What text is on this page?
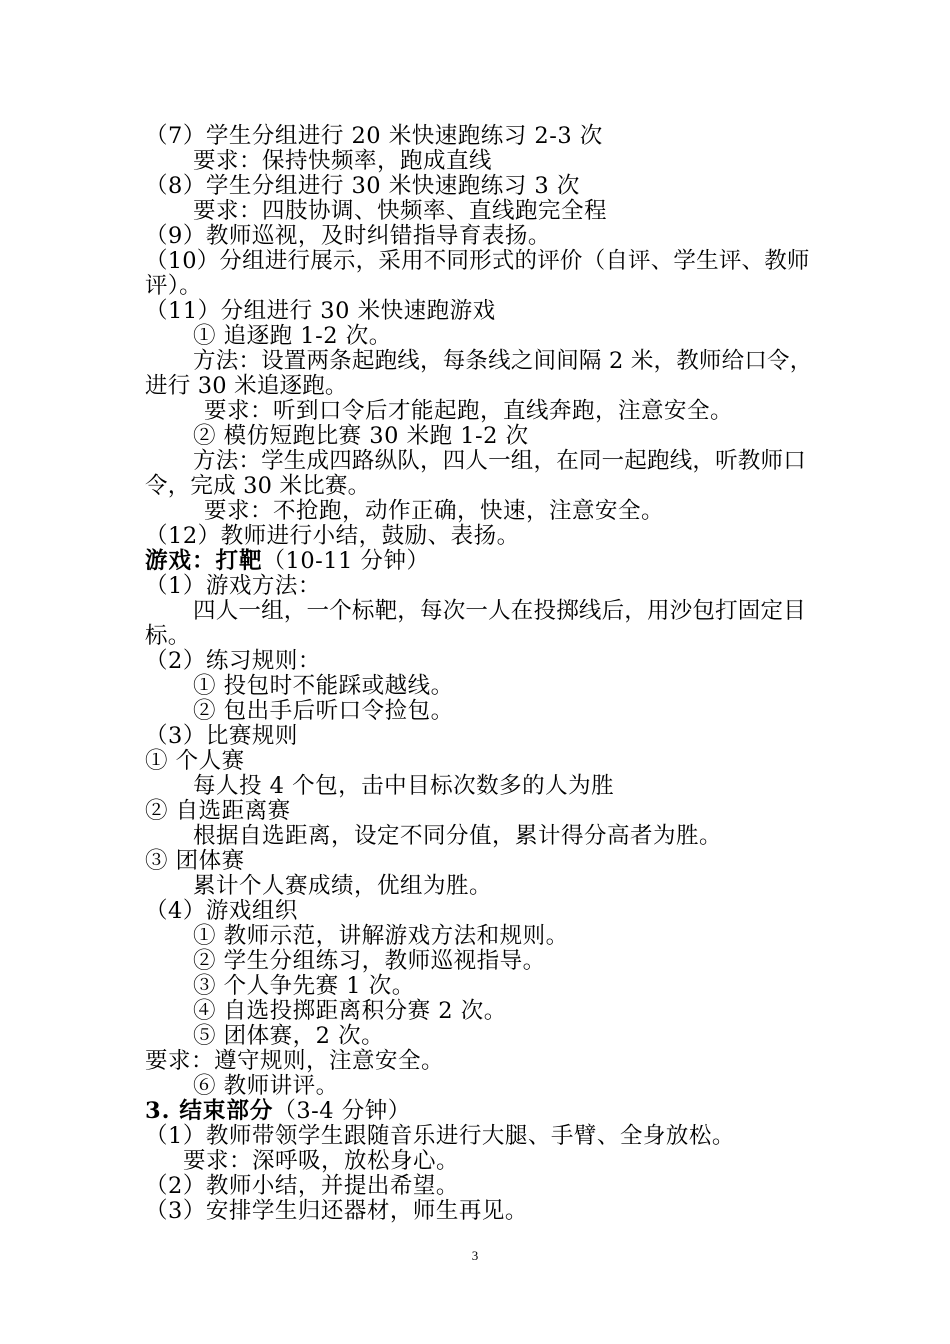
（7）学生分组进行 20 米快速跑练习 2-3 次
要求：保持快频率，跑成直线
（8）学生分组进行 30 米快速跑练习 3 次
要求：四肢协调、快频率、直线跑完全程
（9）教师巡视，及时纠错指导育表扬。
（10）分组进行展示，采用不同形式的评价（自评、学生评、教师评）。
（11）分组进行 30 米快速跑游戏
① 追逐跑 1-2 次。
方法：设置两条起跑线，每条线之间间隔 2 米，教师给口令，进行 30 米追逐跑。
要求：听到口令后才能起跑，直线奔跑，注意安全。
② 模仿短跑比赛 30 米跑 1-2 次
方法：学生成四路纵队，四人一组，在同一起跑线，听教师口令，完成 30 米比赛。
要求：不抢跑，动作正确，快速，注意安全。
（12）教师进行小结，鼓励、表扬。
游戏：打靶（10-11 分钟）
（1）游戏方法：
四人一组，一个标靶，每次一人在投掷线后，用沙包打固定目标。
（2）练习规则：
① 投包时不能踩或越线。
② 包出手后听口令捡包。
（3）比赛规则
① 个人赛
每人投 4 个包，击中目标次数多的人为胜
② 自选距离赛
根据自选距离，设定不同分值，累计得分高者为胜。
③ 团体赛
累计个人赛成绩，优组为胜。
（4）游戏组织
① 教师示范，讲解游戏方法和规则。
② 学生分组练习，教师巡视指导。
③ 个人争先赛 1 次。
④ 自选投掷距离积分赛 2 次。
⑤ 团体赛，2 次。
要求：遵守规则，注意安全。
⑥ 教师讲评。
3. 结束部分（3-4 分钟）
（1）教师带领学生跟随音乐进行大腿、手臂、全身放松。
要求：深呼吸，放松身心。
（2）教师小结，并提出希望。
（3）安排学生归还器材，师生再见。
3
